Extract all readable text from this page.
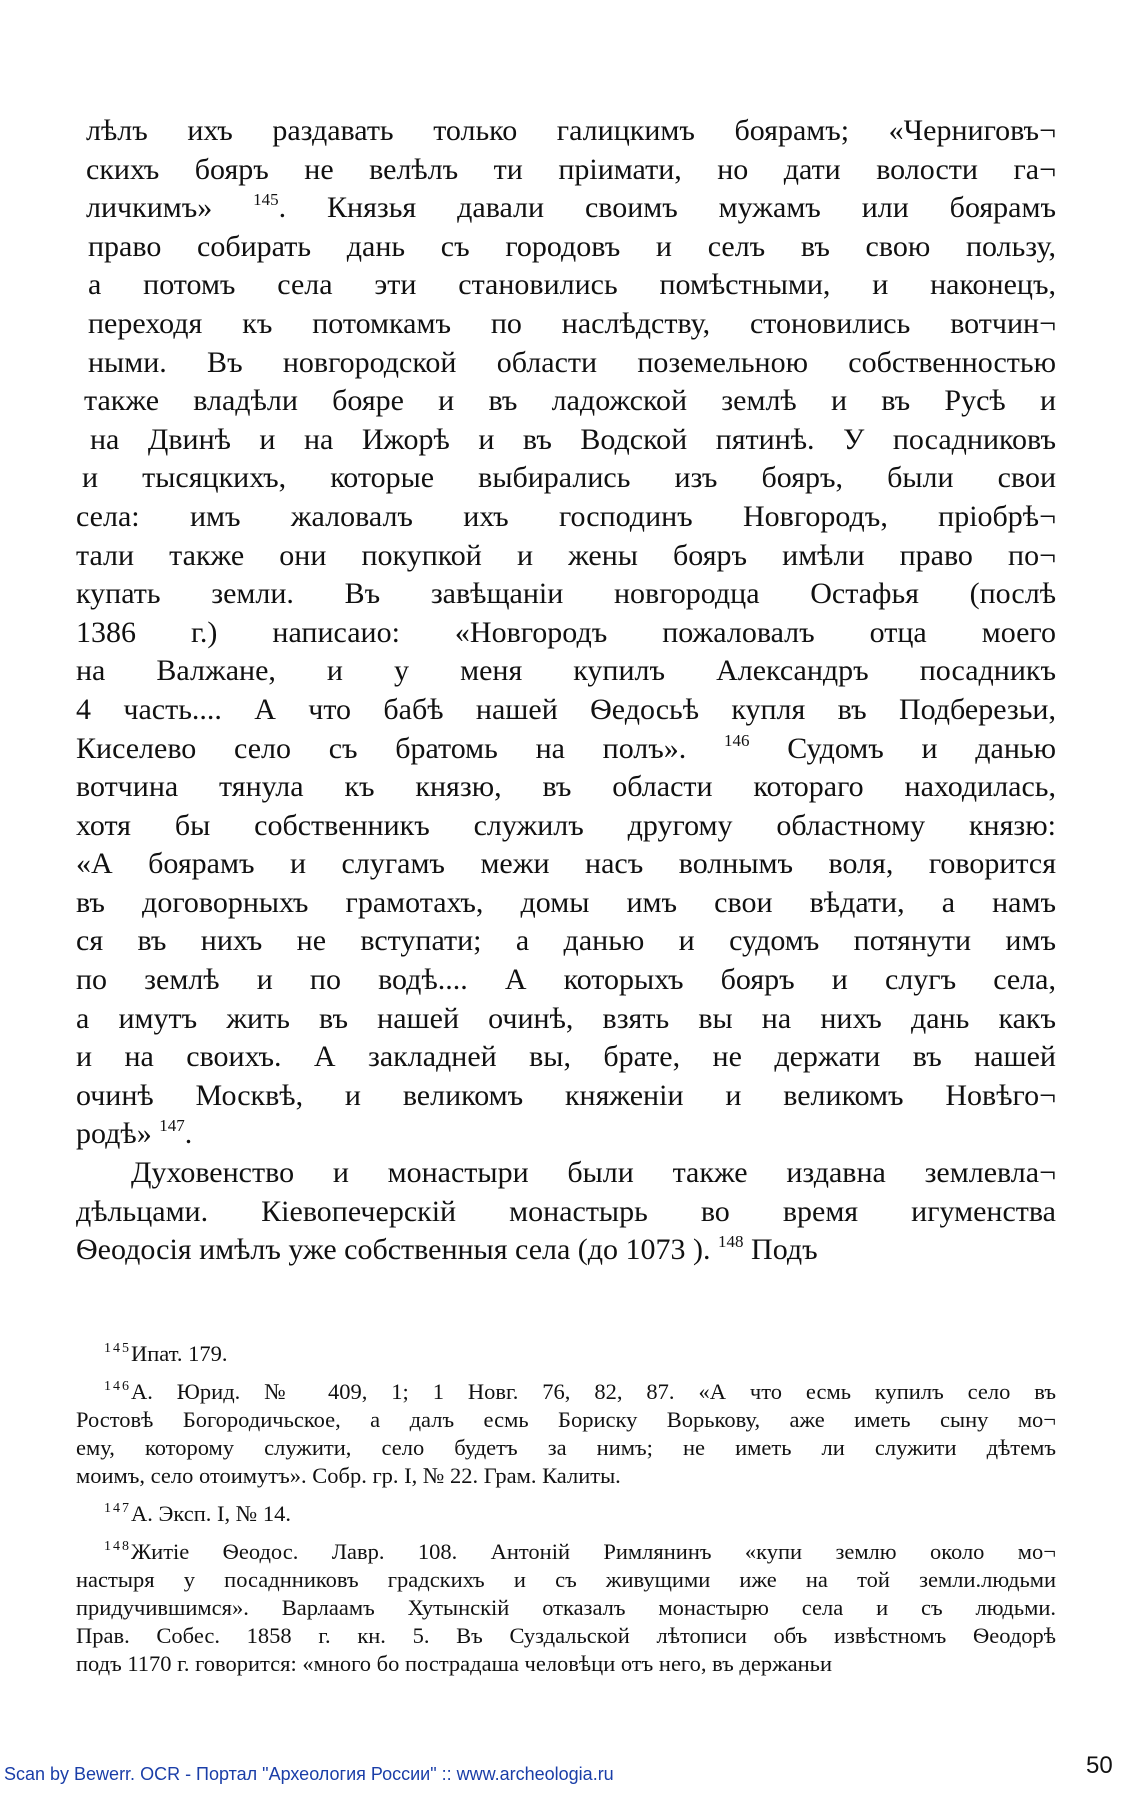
лѣлъ ихъ раздавать только галицкимъ боярамъ; «Черниговъ¬
скихъ бояръ не велѣлъ ти пріимати, но дати волости га¬
личкимъ» $^{145}$. Князья давали своимъ мужамъ или боярамъ
право собирать дань съ городовъ и селъ въ свою пользу,
а потомъ села эти становились помѣстными, и наконецъ,
переходя къ потомкамъ по наслѣдству, стоновились вотчин¬
ными. Въ новгородской области поземельною собственностью
также владѣли бояре и въ ладожской землѣ и въ Русѣ и
на Двинѣ и на Ижорѣ и въ Водской пятинѣ. У посадниковъ
и тысяцкихъ, которые выбирались изъ бояръ, были свои
села: имъ жаловалъ ихъ господинъ Новгородъ, пріобрѣ¬
тали также они покупкой и жены бояръ имѣли право по¬
купать земли. Въ завѣщаніи новгородца Остафья (послѣ
1386 г.) написаио: «Новгородъ пожаловалъ отца моего
на Валжане, и у меня купилъ Александръ посадникъ
4 часть.... А что бабѣ нашей Ѳедосьѣ купля въ Подберезьи,
Киселево село съ братомь на полъ». $^{146}$ Судомъ и данью
вотчина тянула къ князю, въ области котораго находилась,
хотя бы собственникъ служилъ другому областному князю:
«А боярамъ и слугамъ межи насъ волнымъ воля, говорится
въ договорныхъ грамотахъ, домы имъ свои вѣдати, а намъ
ся въ нихъ не вступати; а данью и судомъ потянути имъ
по землѣ и по водѣ.... А которыхъ бояръ и слугъ села,
а имутъ жить въ нашей очинѣ, взять вы на нихъ дань какъ
и на своихъ. А закладней вы, брате, не держати въ нашей
очинѣ Москвѣ, и великомъ княженіи и великомъ Новѣго¬
родѣ» $^{147}$.
Духовенство и монастыри были также издавна землевла¬
дѣльцами. Кіевопечерскій монастырь во время игуменства
Ѳеодосія имѣлъ уже собственныя села (до 1073 ). $^{148}$ Подъ
$^{145}$Ипат. 179.
$^{146}$А. Юрид. № 409, 1; 1 Новг. 76, 82, 87. «А что есмь купилъ село въ
Ростовѣ Богородичьское, а далъ есмь Бориску Ворькову, аже иметь сыну мо¬
ему, которому служити, село будетъ за нимъ; не иметь ли служити дѣтемъ
моимъ, село отоимутъ». Собр. гр. I, № 22. Грам. Калиты.
$^{147}$А. Эксп. I, № 14.
$^{148}$Житіе Ѳеодос. Лавр. 108. Антоній Римлянинъ «купи землю около мо¬
настыря у посаднниковъ градскихъ и съ живущими иже на той земли.людьми
придучившимся». Варлаамъ Хутынскій отказалъ монастырю села и съ людьми.
Прав. Собес. 1858 г. кн. 5. Въ Суздальской лѣтописи объ извѣстномъ Ѳеодорѣ
подъ 1170 г. говорится: «много бо пострадаша человѣци отъ него, въ держаньи
Scan by Bewerr. OCR - Портал "Археология России" :: www.archeologia.ru	50
